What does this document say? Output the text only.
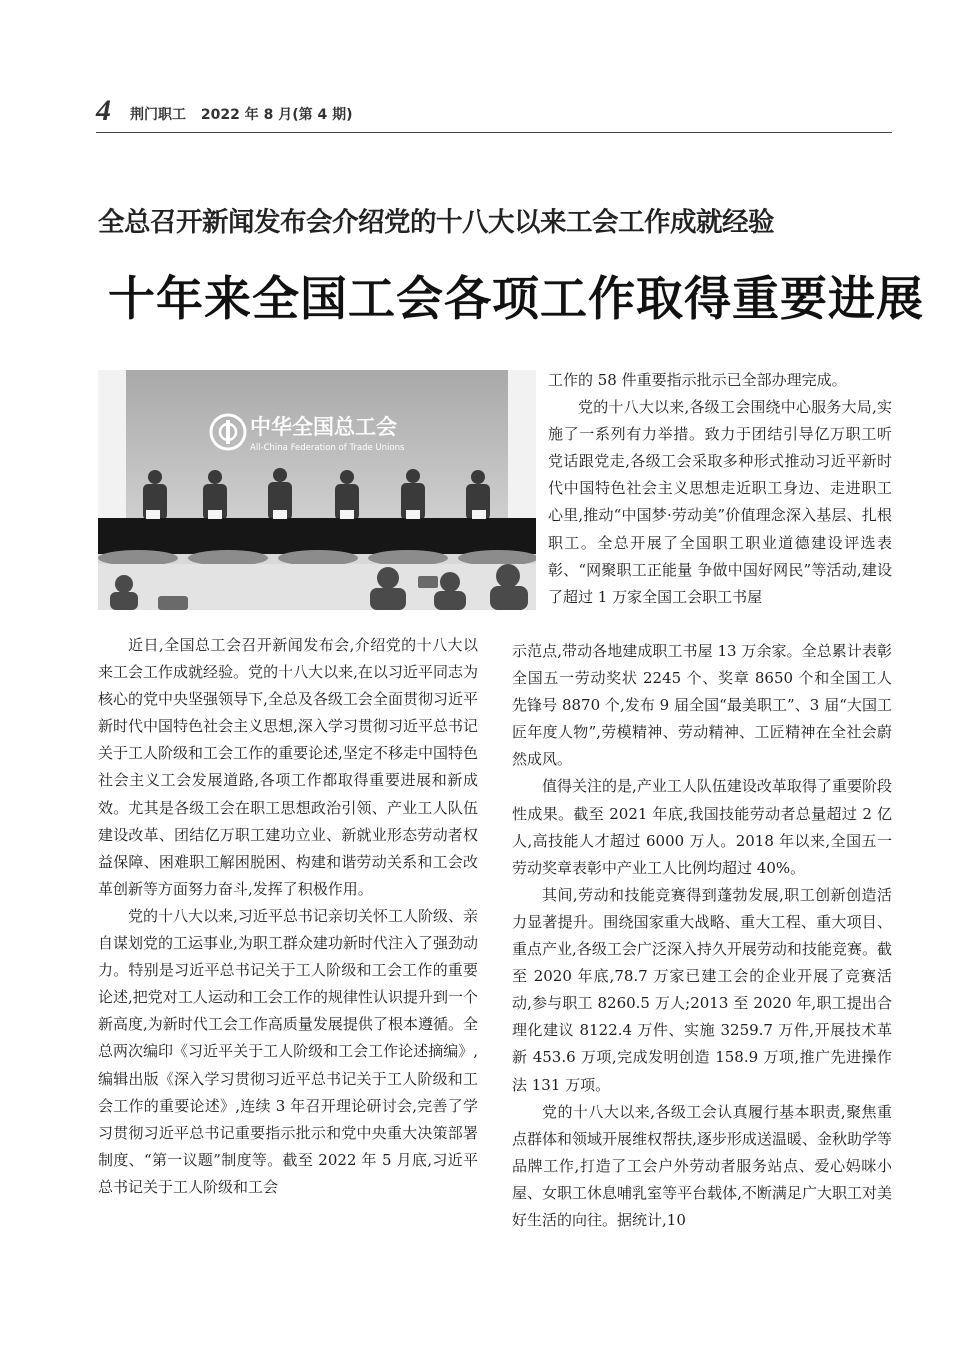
4 荆门职工 2022 年 8 月(第 4 期)
全总召开新闻发布会介绍党的十八大以来工会工作成就经验
十年来全国工会各项工作取得重要进展
中华全国总工会
All-China Federation of Trade Unions

近日,全国总工会召开新闻发布会,介绍党的十八大以来工会工作成就经验。党的十八大以来,在以习近平同志为核心的党中央坚强领导下,全总及各级工会全面贯彻习近平新时代中国特色社会主义思想,深入学习贯彻习近平总书记关于工人阶级和工会工作的重要论述,坚定不移走中国特色社会主义工会发展道路,各项工作都取得重要进展和新成效。尤其是各级工会在职工思想政治引领、产业工人队伍建设改革、团结亿万职工建功立业、新就业形态劳动者权益保障、困难职工解困脱困、构建和谐劳动关系和工会改革创新等方面努力奋斗,发挥了积极作用。

党的十八大以来,习近平总书记亲切关怀工人阶级、亲自谋划党的工运事业,为职工群众建功新时代注入了强劲动力。特别是习近平总书记关于工人阶级和工会工作的重要论述,把党对工人运动和工会工作的规律性认识提升到一个新高度,为新时代工会工作高质量发展提供了根本遵循。全总两次编印《习近平关于工人阶级和工会工作论述摘编》,编辑出版《深入学习贯彻习近平总书记关于工人阶级和工会工作的重要论述》,连续 3 年召开理论研讨会,完善了学习贯彻习近平总书记重要指示批示和党中央重大决策部署制度、“第一议题”制度等。截至 2022 年 5 月底,习近平总书记关于工人阶级和工会

工作的 58 件重要指示批示已全部办理完成。

党的十八大以来,各级工会围绕中心服务大局,实施了一系列有力举措。致力于团结引导亿万职工听党话跟党走,各级工会采取多种形式推动习近平新时代中国特色社会主义思想走近职工身边、走进职工心里,推动“中国梦·劳动美”价值理念深入基层、扎根职工。全总开展了全国职工职业道德建设评选表彰、“网聚职工正能量 争做中国好网民”等活动,建设了超过 1 万家全国工会职工书屋

示范点,带动各地建成职工书屋 13 万余家。全总累计表彰全国五一劳动奖状 2245 个、奖章 8650 个和全国工人先锋号 8870 个,发布 9 届全国“最美职工”、3 届“大国工匠年度人物”,劳模精神、劳动精神、工匠精神在全社会蔚然成风。

值得关注的是,产业工人队伍建设改革取得了重要阶段性成果。截至 2021 年底,我国技能劳动者总量超过 2 亿人,高技能人才超过 6000 万人。2018 年以来,全国五一劳动奖章表彰中产业工人比例均超过 40%。

其间,劳动和技能竞赛得到蓬勃发展,职工创新创造活力显著提升。围绕国家重大战略、重大工程、重大项目、重点产业,各级工会广泛深入持久开展劳动和技能竞赛。截至 2020 年底,78.7 万家已建工会的企业开展了竞赛活动,参与职工 8260.5 万人;2013 至 2020 年,职工提出合理化建议 8122.4 万件、实施 3259.7 万件,开展技术革新 453.6 万项,完成发明创造 158.9 万项,推广先进操作法 131 万项。

党的十八大以来,各级工会认真履行基本职责,聚焦重点群体和领域开展维权帮扶,逐步形成送温暖、金秋助学等品牌工作,打造了工会户外劳动者服务站点、爱心妈咪小屋、女职工休息哺乳室等平台载体,不断满足广大职工对美好生活的向往。据统计,10
